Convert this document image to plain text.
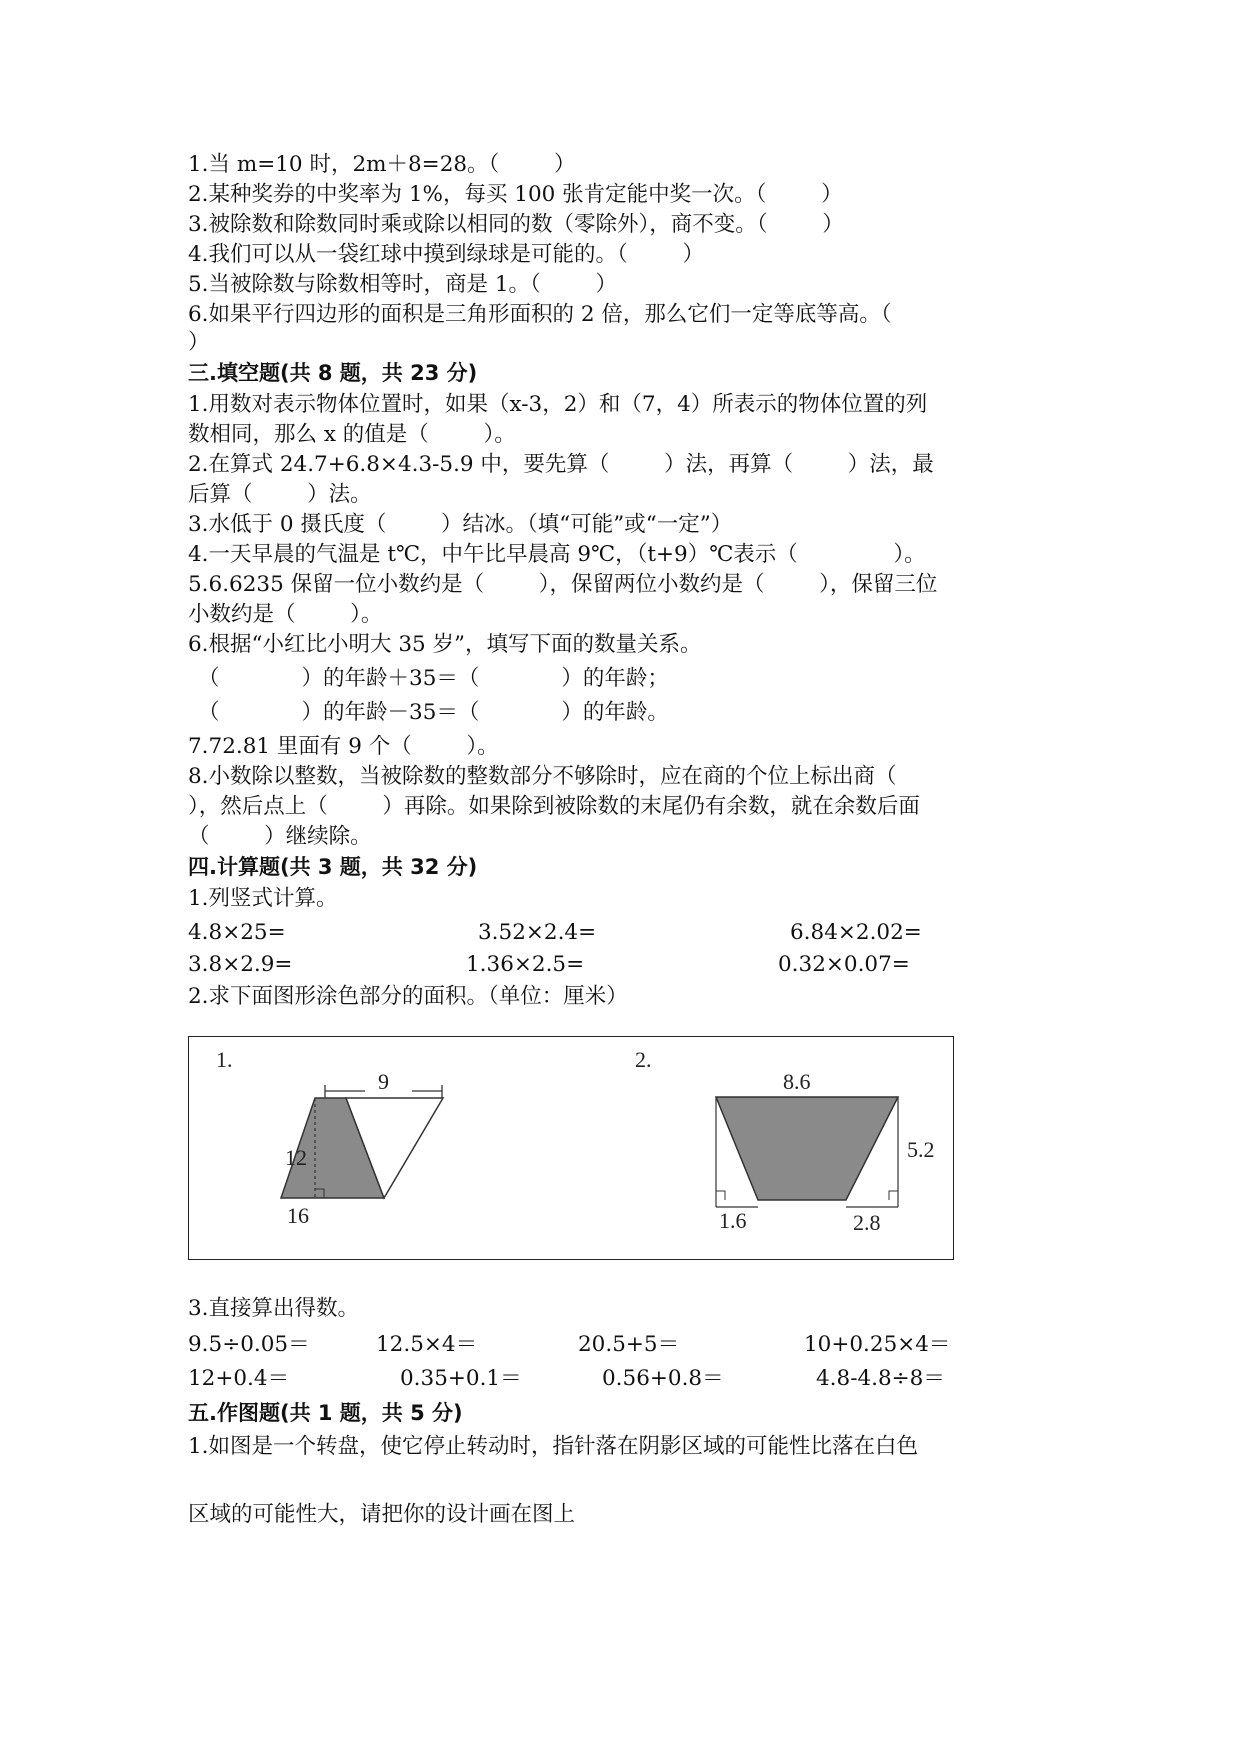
1.当 m=10 时，2m＋8=28。（        ）
2.某种奖券的中奖率为 1%，每买 100 张肯定能中奖一次。（        ）
3.被除数和除数同时乘或除以相同的数（零除外），商不变。（        ）
4.我们可以从一袋红球中摸到绿球是可能的。（        ）
5.当被除数与除数相等时，商是 1。（        ）
6.如果平行四边形的面积是三角形面积的 2 倍，那么它们一定等底等高。（
）
三.填空题(共 8 题，共 23 分)
1.用数对表示物体位置时，如果（x-3，2）和（7，4）所表示的物体位置的列
数相同，那么 x 的值是（        ）。
2.在算式 24.7+6.8×4.3-5.9 中，要先算（        ）法，再算（        ）法，最
后算（        ）法。
3.水低于 0 摄氏度（        ）结冰。（填“可能”或“一定”）
4.一天早晨的气温是 t℃，中午比早晨高 9℃，（t+9）℃表示（              ）。
5.6.6235 保留一位小数约是（        ），保留两位小数约是（        ），保留三位
小数约是（        ）。
6.根据“小红比小明大 35 岁”，填写下面的数量关系。
（            ）的年龄＋35＝（            ）的年龄；
（            ）的年龄－35＝（            ）的年龄。
7.72.81 里面有 9 个（        ）。
8.小数除以整数，当被除数的整数部分不够除时，应在商的个位上标出商（
），然后点上（        ）再除。如果除到被除数的末尾仍有余数，就在余数后面
（        ）继续除。
四.计算题(共 3 题，共 32 分)
1.列竖式计算。
4.8×25=	3.52×2.4=	6.84×2.02=
3.8×2.9=	1.36×2.5=	0.32×0.07=
2.求下面图形涂色部分的面积。（单位：厘米）
1.
9
12
16
2.
8.6
5.2
1.6	2.8
3.直接算出得数。
9.5÷0.05＝	12.5×4＝	20.5+5＝	10+0.25×4＝
12+0.4＝	0.35+0.1＝	0.56+0.8＝	4.8-4.8÷8＝
五.作图题(共 1 题，共 5 分)
1.如图是一个转盘，使它停止转动时，指针落在阴影区域的可能性比落在白色
区域的可能性大，请把你的设计画在图上
